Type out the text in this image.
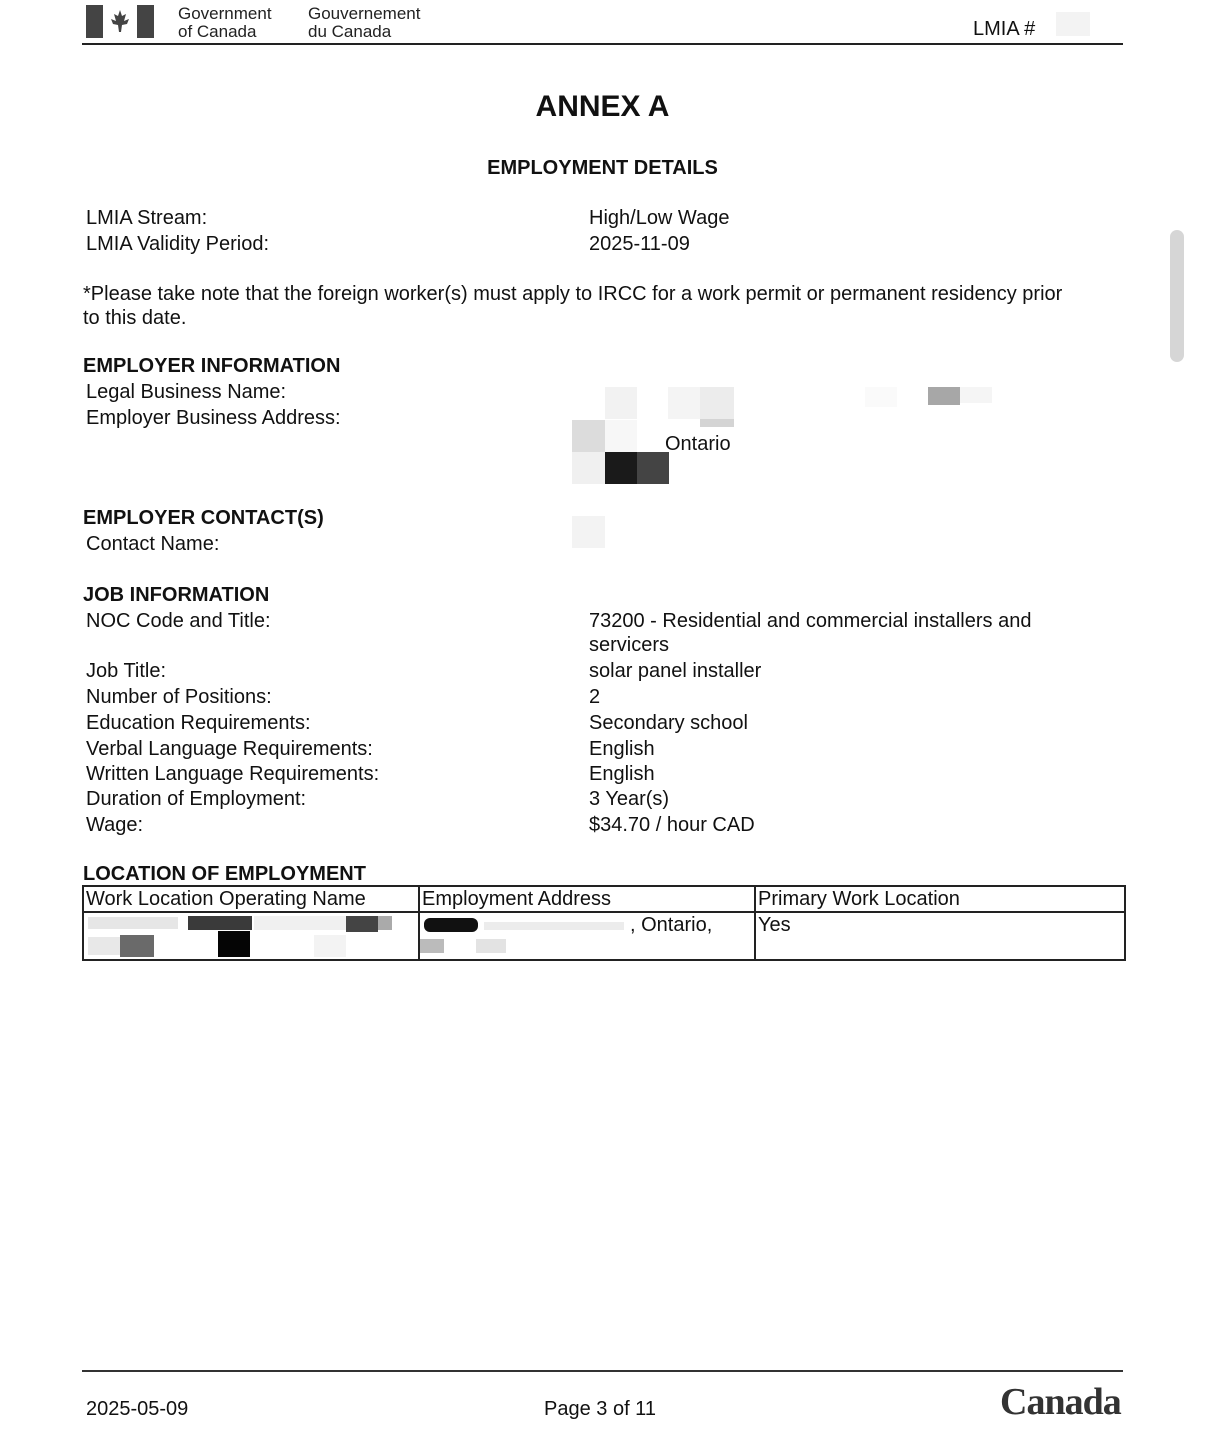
Government
of Canada
Gouvernement
du Canada	LMIA #
ANNEX A
EMPLOYMENT DETAILS
LMIA Stream:	High/Low Wage
LMIA Validity Period:	2025-11-09
*Please take note that the foreign worker(s) must apply to IRCC for a work permit or permanent residency prior
to this date.
EMPLOYER INFORMATION
Legal Business Name:
Employer Business Address:
Ontario
EMPLOYER CONTACT(S)
Contact Name:
JOB INFORMATION
NOC Code and Title:	73200 - Residential and commercial installers and
servicers
Job Title:	solar panel installer
Number of Positions:	2
Education Requirements:	Secondary school
Verbal Language Requirements:	English
Written Language Requirements:	English
Duration of Employment:	3 Year(s)
Wage:	$34.70 / hour CAD
LOCATION OF EMPLOYMENT
Work Location Operating Name	Employment Address	Primary Work Location

	, Ontario,	Yes
2025-05-09	Page 3 of 11	Canada
